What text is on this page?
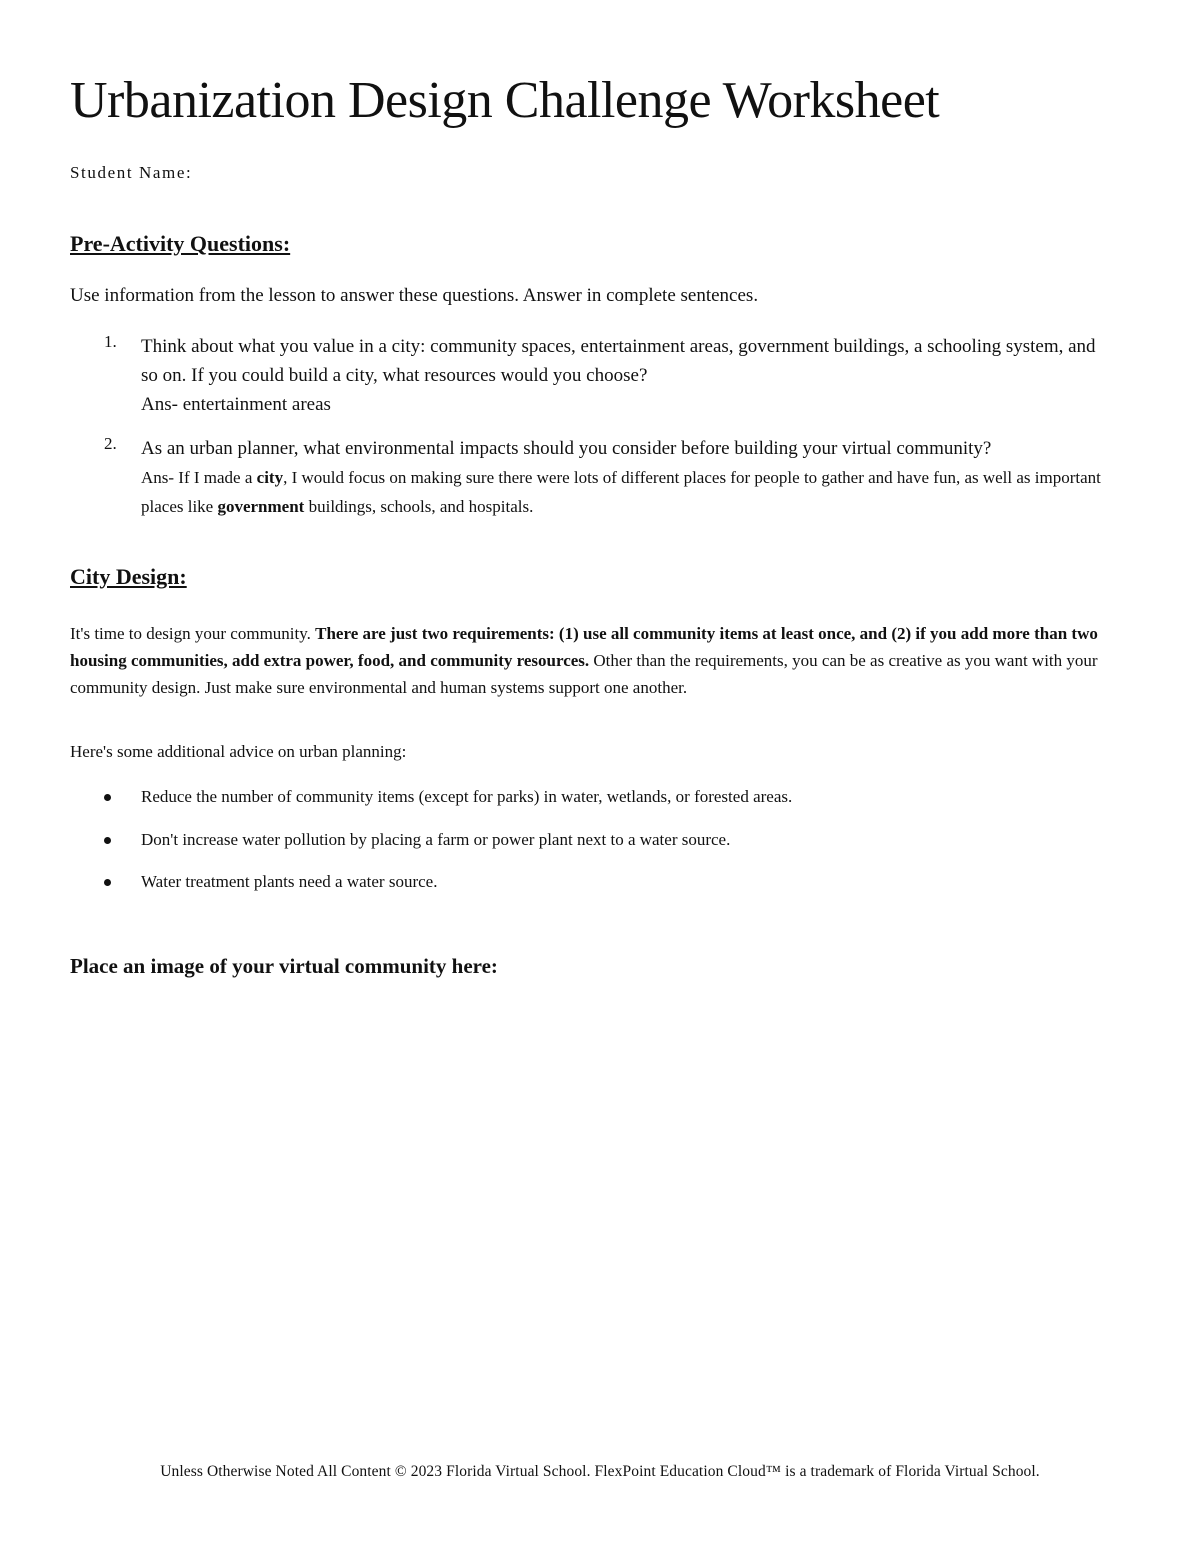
Urbanization Design Challenge Worksheet

Student Name:

Pre-Activity Questions:

Use information from the lesson to answer these questions. Answer in complete sentences.

1. Think about what you value in a city: community spaces, entertainment areas, government buildings, a schooling system, and so on. If you could build a city, what resources would you choose?
Ans- entertainment areas
2. As an urban planner, what environmental impacts should you consider before building your virtual community?
Ans- If I made a city, I would focus on making sure there were lots of different places for people to gather and have fun, as well as important places like government buildings, schools, and hospitals.
City Design:

It's time to design your community. There are just two requirements: (1) use all community items at least once, and (2) if you add more than two housing communities, add extra power, food, and community resources. Other than the requirements, you can be as creative as you want with your community design. Just make sure environmental and human systems support one another.

Here's some additional advice on urban planning:

Reduce the number of community items (except for parks) in water, wetlands, or forested areas.
Don't increase water pollution by placing a farm or power plant next to a water source.
Water treatment plants need a water source.

Place an image of your virtual community here:

Unless Otherwise Noted All Content © 2023 Florida Virtual School. FlexPoint Education Cloud™ is a trademark of Florida Virtual School.
